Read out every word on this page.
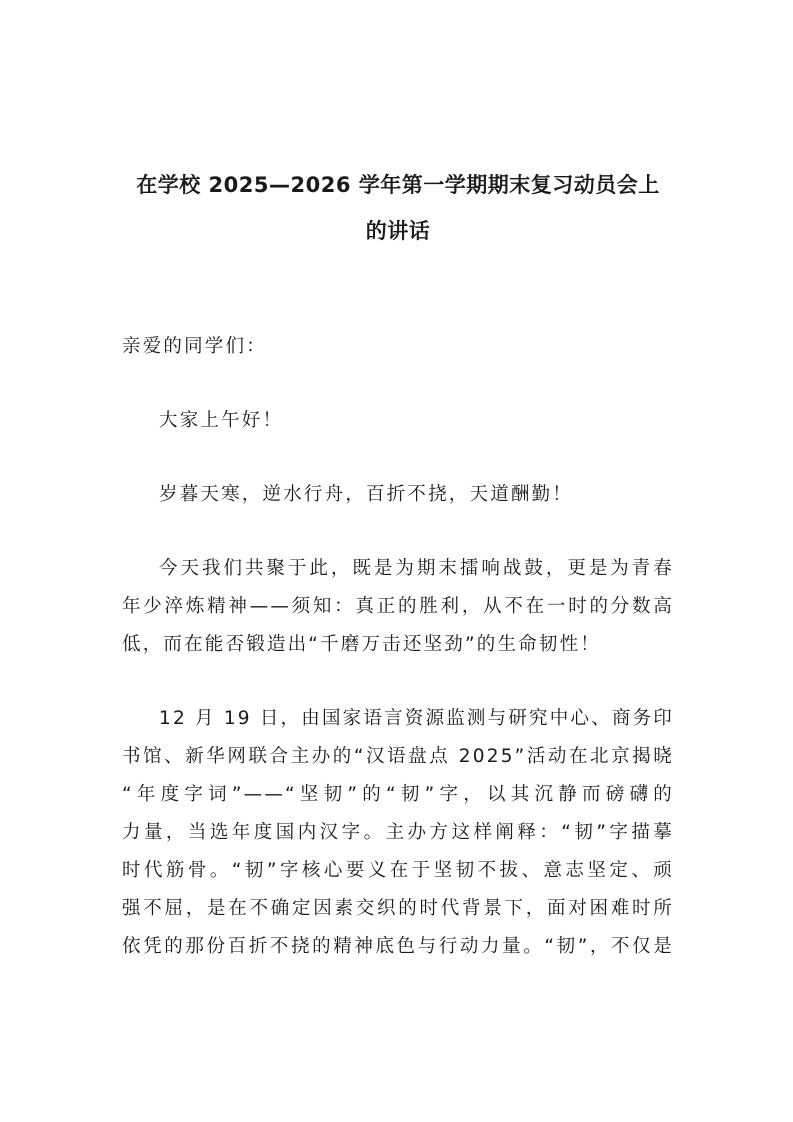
在学校 2025—2026 学年第一学期期末复习动员会上
的讲话

亲爱的同学们：

大家上午好！

岁暮天寒，逆水行舟，百折不挠，天道酬勤！

今天我们共聚于此，既是为期末擂响战鼓，更是为青春
年少淬炼精神——须知：真正的胜利，从不在一时的分数高
低，而在能否锻造出“千磨万击还坚劲”的生命韧性！
12 月 19 日，由国家语言资源监测与研究中心、商务印
书馆、新华网联合主办的“汉语盘点 2025”活动在北京揭晓
“年度字词”——“坚韧”的“韧”字，以其沉静而磅礴的
力量，当选年度国内汉字。主办方这样阐释：“韧”字描摹
时代筋骨。“韧”字核心要义在于坚韧不拔、意志坚定、顽
强不屈，是在不确定因素交织的时代背景下，面对困难时所
依凭的那份百折不挠的精神底色与行动力量。“韧”，不仅是
